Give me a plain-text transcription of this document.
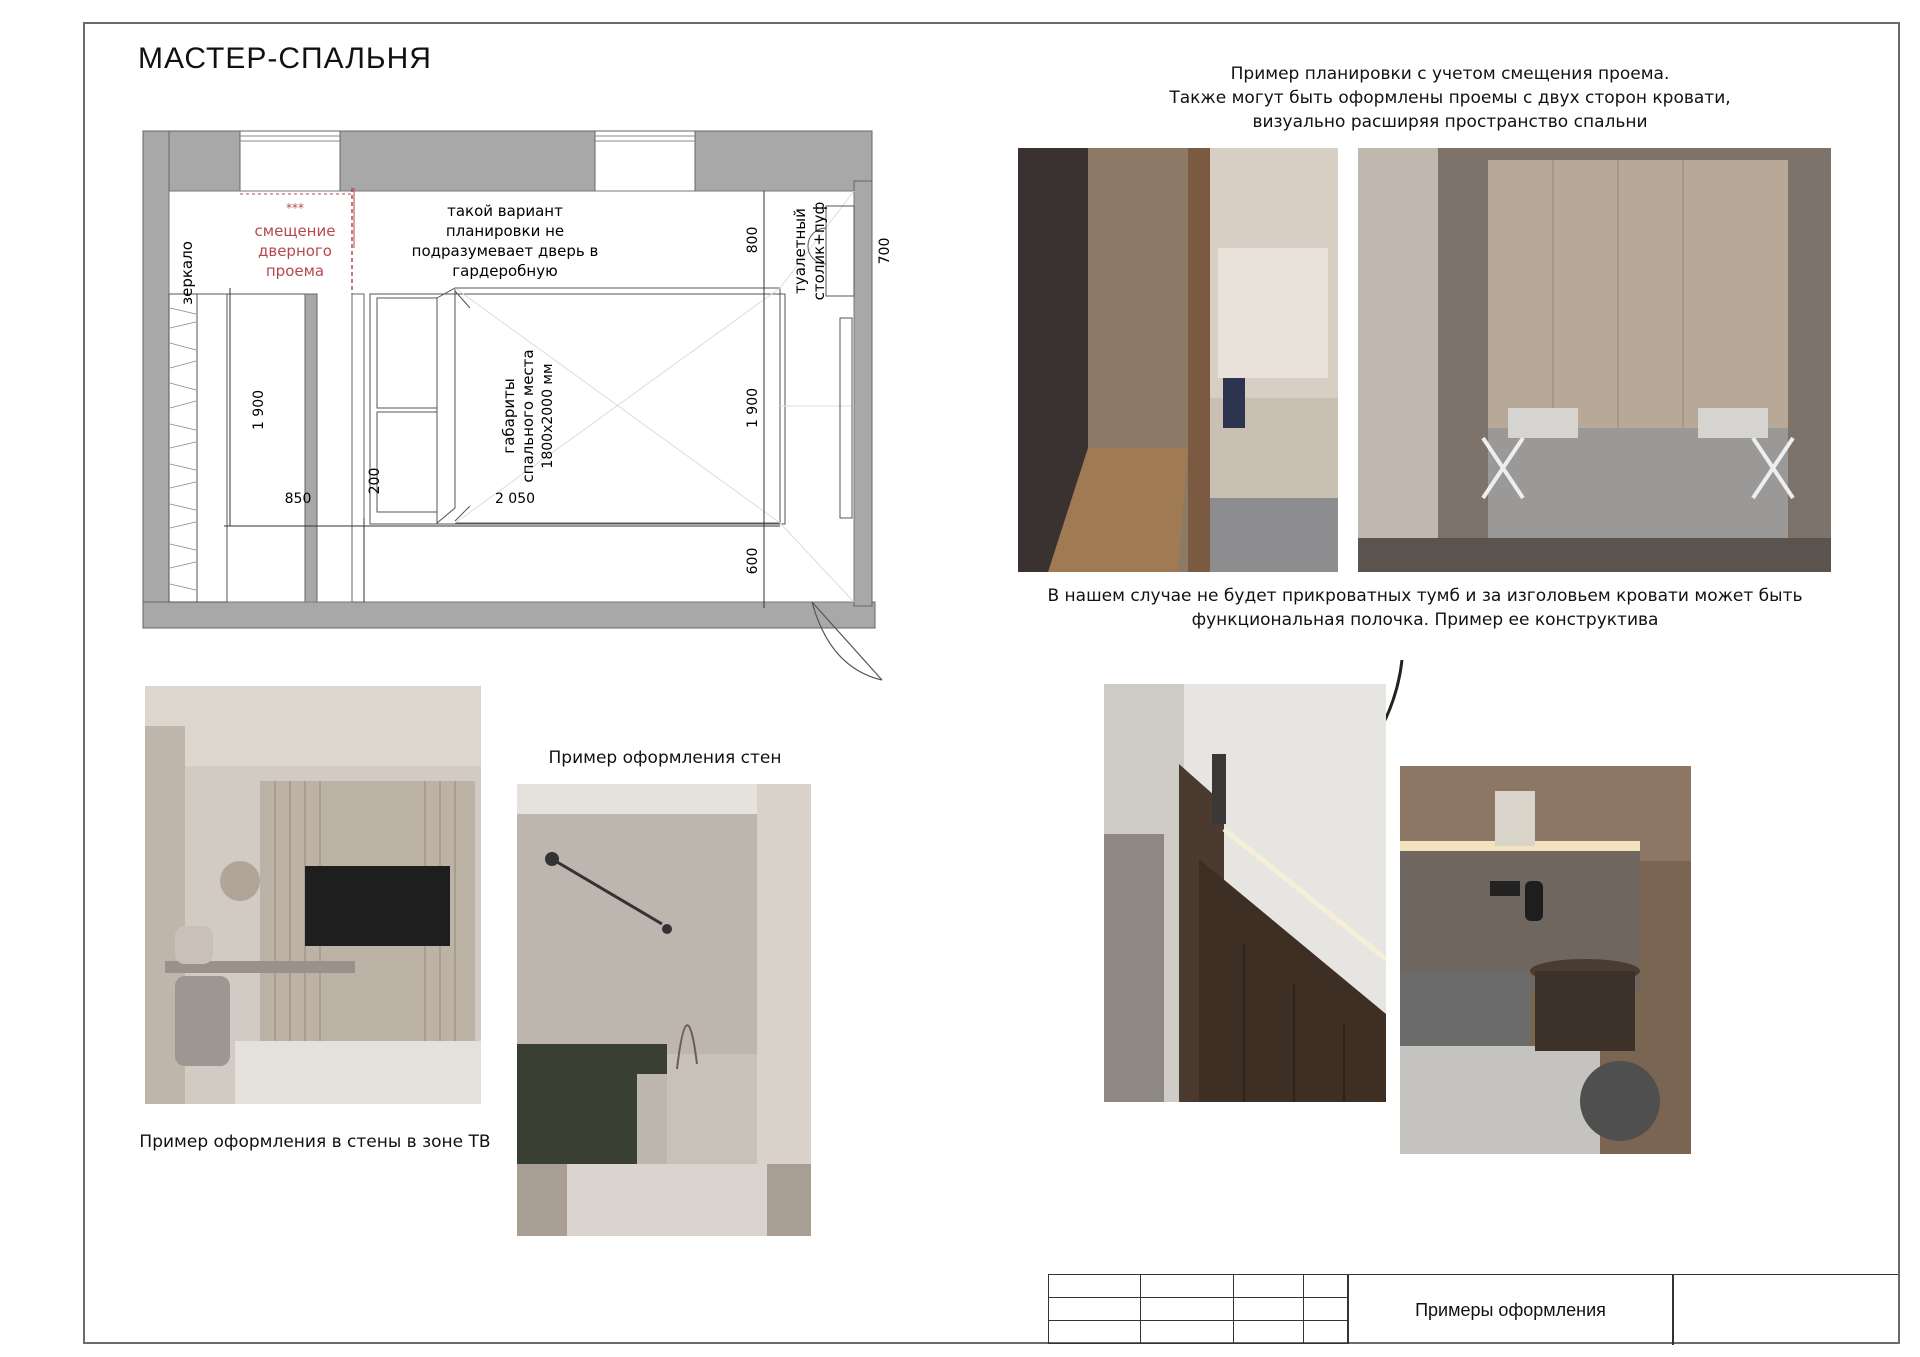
МАСТЕР-СПАЛЬНЯ
зеркало
***
смещение
дверного
проема
такой вариант
планировки не
подразумевает дверь в
гардеробную	туалетный столик+пуф
габариты спального места 1800х2000 мм
800	700
1 900	1 900
850
200
2 050
600
Пример планировки с учетом смещения проема.
Также могут быть оформлены проемы с двух сторон кровати,
визуально расширяя пространство спальни
В нашем случае не будет прикроватных тумб и за изголовьем кровати может быть
функциональная полочка. Пример ее конструктива
Пример оформления стен
Пример оформления в стены в зоне ТВ

Примеры оформления
